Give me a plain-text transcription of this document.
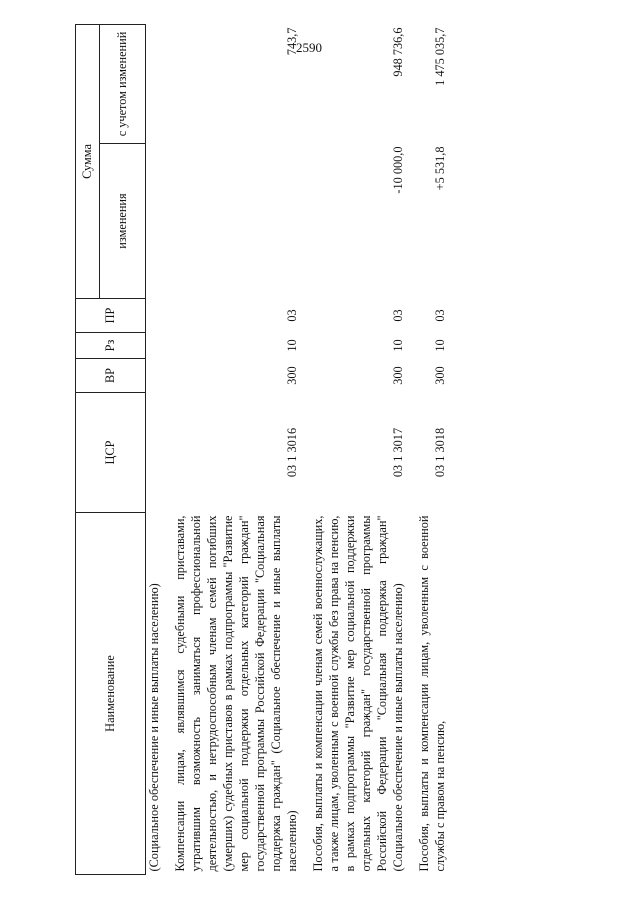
2590
Наименование	ЦСР	ВР	Рз	ПР	Сумма	
					изменения	с учетом изменений
(Социальное обеспечение и иные выплаты населению)						
Компенсации лицам, являвшимся судебными приставами, утратившим возможность заниматься профессиональной деятельностью, и нетрудоспособным членам семей погибших (умерших) судебных приставов в рамках подпрограммы "Развитие мер социальной поддержки отдельных категорий граждан" государственной программы Российской Федерации "Социальная поддержка граждан" (Социальное обеспечение и иные выплаты населению)	03 1 3016	300	10	03		743,7
Пособия, выплаты и компенсации членам семей военнослужащих, а также лицам, уволенным с военной службы без права на пенсию, в рамках подпрограммы "Развитие мер социальной поддержки отдельных категорий граждан" государственной программы Российской Федерации "Социальная поддержка граждан" (Социальное обеспечение и иные выплаты населению)	03 1 3017	300	10	03	-10 000,0	948 736,6
Пособия, выплаты и компенсации лицам, уволенным с военной службы с правом на пенсию,	03 1 3018	300	10	03	+5 531,8	1 475 035,7
